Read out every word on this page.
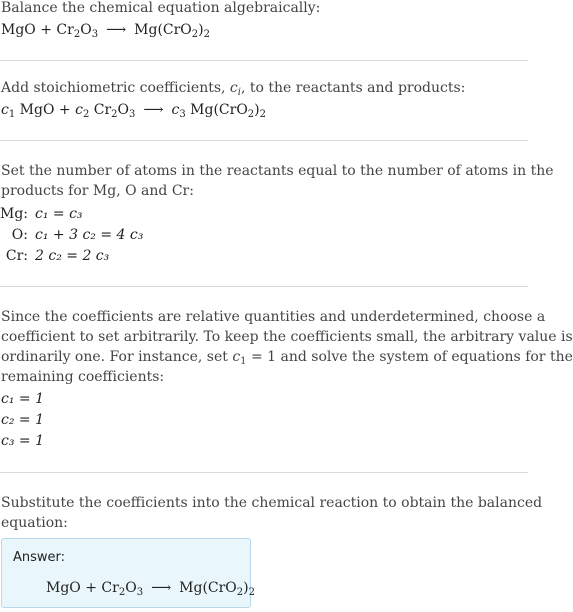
Balance the chemical equation algebraically:
MgO + $Cr_2O_3$ ⟶ $Mg(CrO_2)_2$
Add stoichiometric coefficients, $c_i$, to the reactants and products:
$c_1$ MgO + $c_2$ $Cr_2O_3$ ⟶ $c_3$ $Mg(CrO_2)_2$
Set the number of atoms in the reactants equal to the number of atoms in the
products for Mg, O and Cr:
Mg: c₁ = c₃
O: c₁ + 3 c₂ = 4 c₃
Cr: 2 c₂ = 2 c₃
Since the coefficients are relative quantities and underdetermined, choose a
coefficient to set arbitrarily. To keep the coefficients small, the arbitrary value is
ordinarily one. For instance, set $c_1 = 1$ and solve the system of equations for the
remaining coefficients:
c₁ = 1
c₂ = 1
c₃ = 1
Substitute the coefficients into the chemical reaction to obtain the balanced
equation:
Answer:
MgO + $Cr_2O_3$ ⟶ $Mg(CrO_2)_2$
